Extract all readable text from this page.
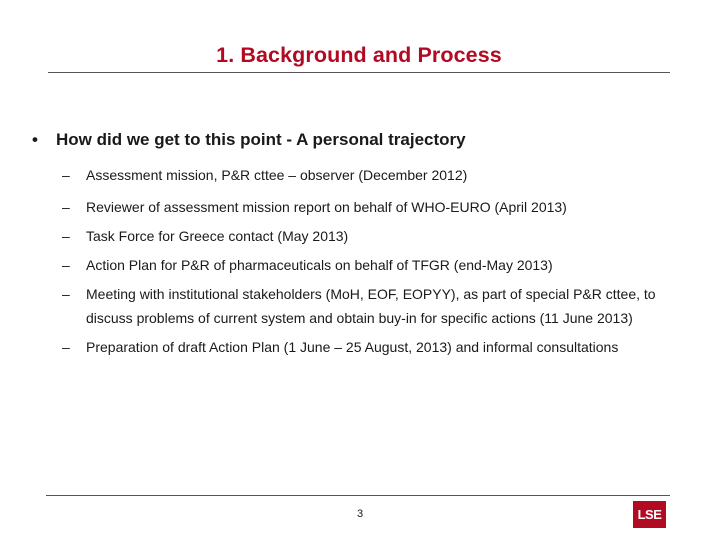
1. Background and Process
• How did we get to this point - A personal trajectory
– Assessment mission, P&R cttee – observer (December 2012)
– Reviewer of assessment mission report on behalf of WHO-EURO (April 2013)
– Task Force for Greece contact (May 2013)
– Action Plan for P&R of pharmaceuticals on behalf of TFGR (end-May 2013)
– Meeting with institutional stakeholders (MoH, EOF, EOPYY), as part of special P&R cttee, to discuss problems of current system and obtain buy-in for specific actions (11 June 2013)
– Preparation of draft Action Plan (1 June – 25 August, 2013) and informal consultations
3	LSE
